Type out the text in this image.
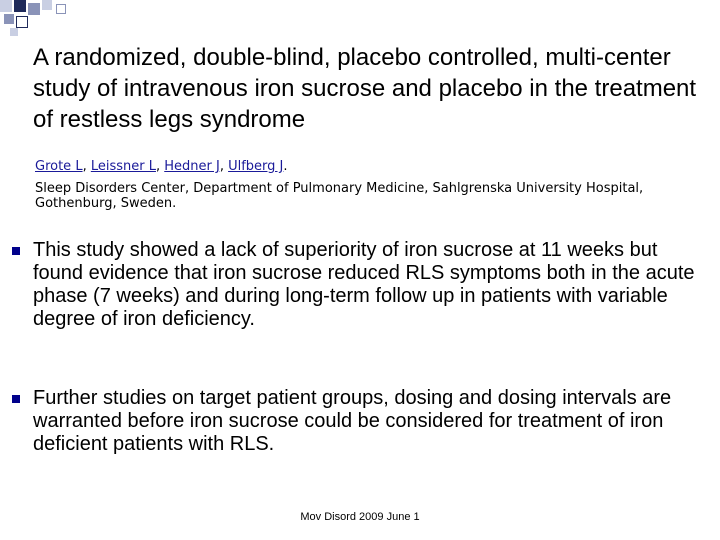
A randomized, double-blind, placebo controlled, multi-center study of intravenous iron sucrose and placebo in the treatment of restless legs syndrome
Grote L, Leissner L, Hedner J, Ulfberg J.
Sleep Disorders Center, Department of Pulmonary Medicine, Sahlgrenska University Hospital, Gothenburg, Sweden.
This study showed a lack of superiority of iron sucrose at 11 weeks but found evidence that iron sucrose reduced RLS symptoms both in the acute phase (7 weeks) and during long-term follow up in patients with variable degree of iron deficiency.
Further studies on target patient groups, dosing and dosing intervals are warranted before iron sucrose could be considered for treatment of iron deficient patients with RLS.
Mov Disord 2009 June 1
